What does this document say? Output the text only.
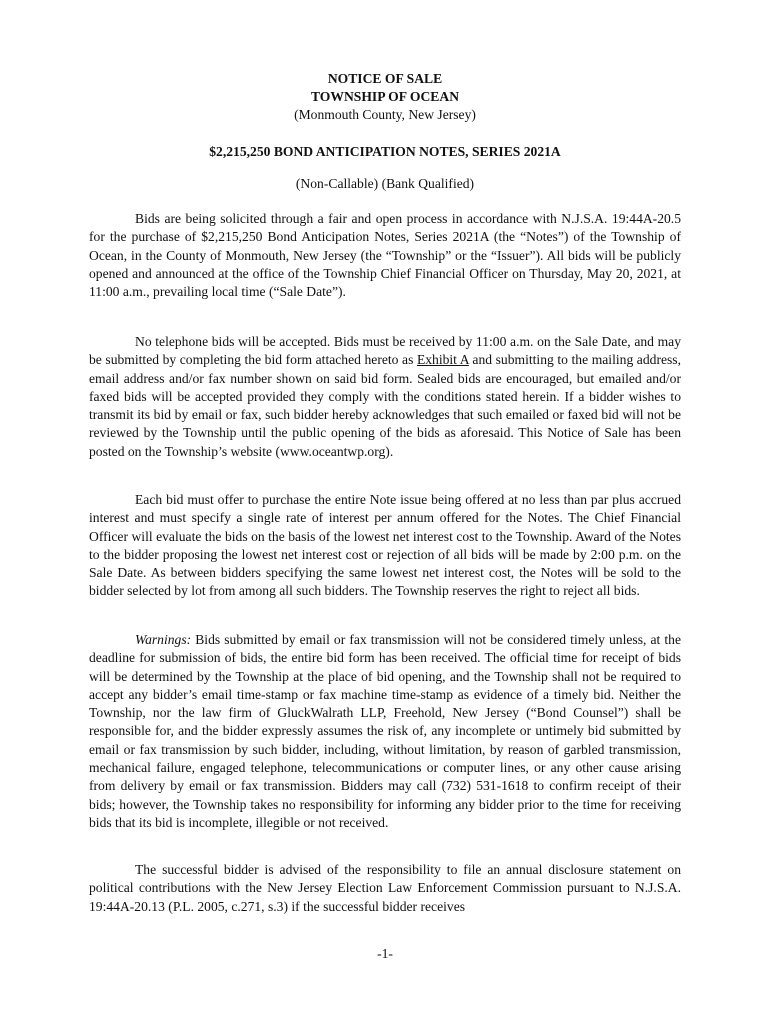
NOTICE OF SALE
TOWNSHIP OF OCEAN
(Monmouth County, New Jersey)
$2,215,250 BOND ANTICIPATION NOTES, SERIES 2021A
(Non-Callable) (Bank Qualified)

Bids are being solicited through a fair and open process in accordance with N.J.S.A. 19:44A-20.5 for the purchase of $2,215,250 Bond Anticipation Notes, Series 2021A (the “Notes”) of the Township of Ocean, in the County of Monmouth, New Jersey (the “Township” or the “Issuer”). All bids will be publicly opened and announced at the office of the Township Chief Financial Officer on Thursday, May 20, 2021, at 11:00 a.m., prevailing local time (“Sale Date”).

No telephone bids will be accepted. Bids must be received by 11:00 a.m. on the Sale Date, and may be submitted by completing the bid form attached hereto as Exhibit A and submitting to the mailing address, email address and/or fax number shown on said bid form. Sealed bids are encouraged, but emailed and/or faxed bids will be accepted provided they comply with the conditions stated herein. If a bidder wishes to transmit its bid by email or fax, such bidder hereby acknowledges that such emailed or faxed bid will not be reviewed by the Township until the public opening of the bids as aforesaid. This Notice of Sale has been posted on the Township’s website (www.oceantwp.org).

Each bid must offer to purchase the entire Note issue being offered at no less than par plus accrued interest and must specify a single rate of interest per annum offered for the Notes. The Chief Financial Officer will evaluate the bids on the basis of the lowest net interest cost to the Township. Award of the Notes to the bidder proposing the lowest net interest cost or rejection of all bids will be made by 2:00 p.m. on the Sale Date. As between bidders specifying the same lowest net interest cost, the Notes will be sold to the bidder selected by lot from among all such bidders. The Township reserves the right to reject all bids.

Warnings: Bids submitted by email or fax transmission will not be considered timely unless, at the deadline for submission of bids, the entire bid form has been received. The official time for receipt of bids will be determined by the Township at the place of bid opening, and the Township shall not be required to accept any bidder’s email time-stamp or fax machine time-stamp as evidence of a timely bid. Neither the Township, nor the law firm of GluckWalrath LLP, Freehold, New Jersey (“Bond Counsel”) shall be responsible for, and the bidder expressly assumes the risk of, any incomplete or untimely bid submitted by email or fax transmission by such bidder, including, without limitation, by reason of garbled transmission, mechanical failure, engaged telephone, telecommunications or computer lines, or any other cause arising from delivery by email or fax transmission. Bidders may call (732) 531-1618 to confirm receipt of their bids; however, the Township takes no responsibility for informing any bidder prior to the time for receiving bids that its bid is incomplete, illegible or not received.

The successful bidder is advised of the responsibility to file an annual disclosure statement on political contributions with the New Jersey Election Law Enforcement Commission pursuant to N.J.S.A. 19:44A-20.13 (P.L. 2005, c.271, s.3) if the successful bidder receives

-1-
